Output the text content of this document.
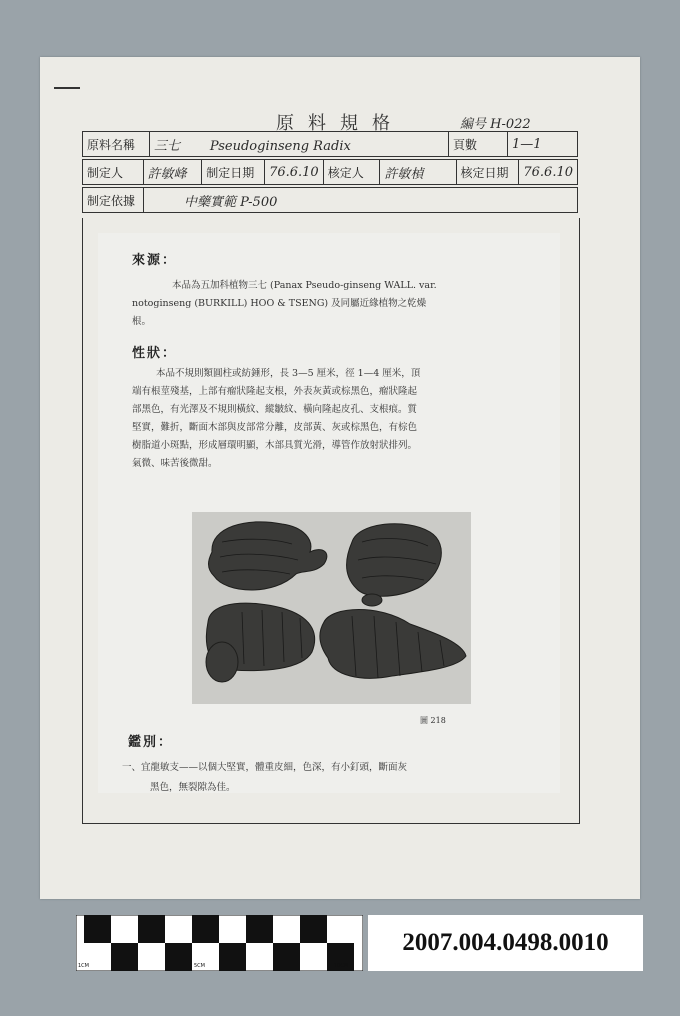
原料規格	編号 H-022
原料名稱	三七 Pseudoginseng Radix	頁數	1—1
制定人	許敏峰	制定日期	76.6.10	核定人	許敏楨	核定日期	76.6.10
制定依據	中藥實範 P-500
來源：
本品為五加科植物三七 (Panax Pseudo-ginseng WALL. var.
notoginseng (BURKILL) HOO & TSENG) 及同屬近緣植物之乾燥
根。
性狀：
本品不規則類圓柱或紡錘形，長 3—5 厘米，徑 1—4 厘米，頂
端有根莖殘基，上部有瘤狀隆起支根，外表灰黃或棕黑色，瘤狀隆起
部黑色，有光澤及不規則橫紋、縱皺紋、橫向隆起皮孔、支根痕。質
堅實，難折，斷面木部與皮部常分離，皮部黃、灰或棕黑色，有棕色
樹脂道小斑點，形成層環明顯，木部具質光滑，導管作放射狀排列。
氣微、味苦後微甜。
圖 218
鑑別：
一、宜龍敏支——以個大堅實，體重皮細，色深，有小釘頭，斷面灰
黑色，無裂隙為佳。
1CM	5CM	10CM
2007.004.0498.0010
